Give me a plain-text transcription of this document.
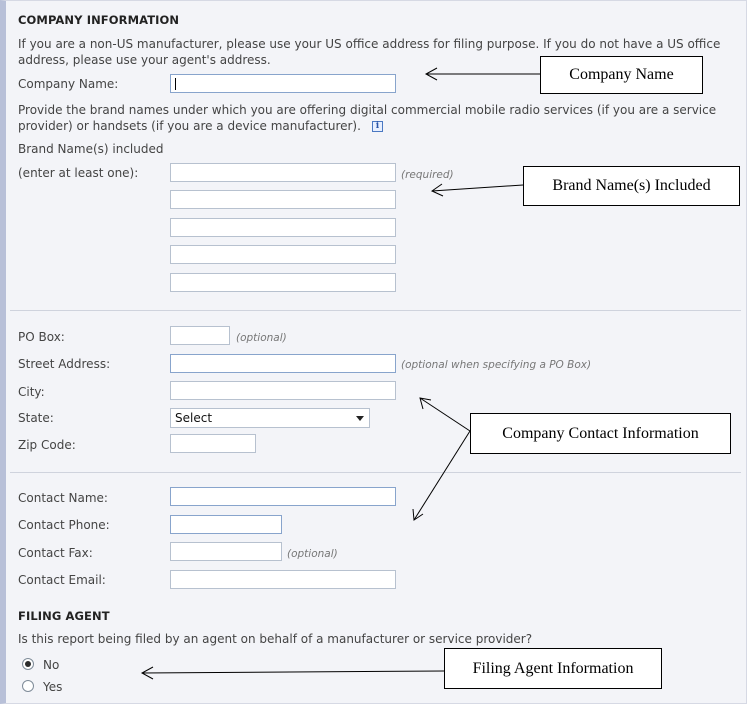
COMPANY INFORMATION
If you are a non-US manufacturer, please use your US office address for filing purpose. If you do not have a US office address, please use your agent's address.
Company Name:
Provide the brand names under which you are offering digital commercial mobile radio services (if you are a service provider) or handsets (if you are a device manufacturer).	i
Brand Name(s) included
(enter at least one):	(required)
PO Box:	(optional)
Street Address:	(optional when specifying a PO Box)
City:
State:	Select
Zip Code:
Contact Name:
Contact Phone:
Contact Fax:	(optional)
Contact Email:
FILING AGENT
Is this report being filed by an agent on behalf of a manufacturer or service provider?
No
Yes
Company Name
Brand Name(s) Included
Company Contact Information
Filing Agent Information
